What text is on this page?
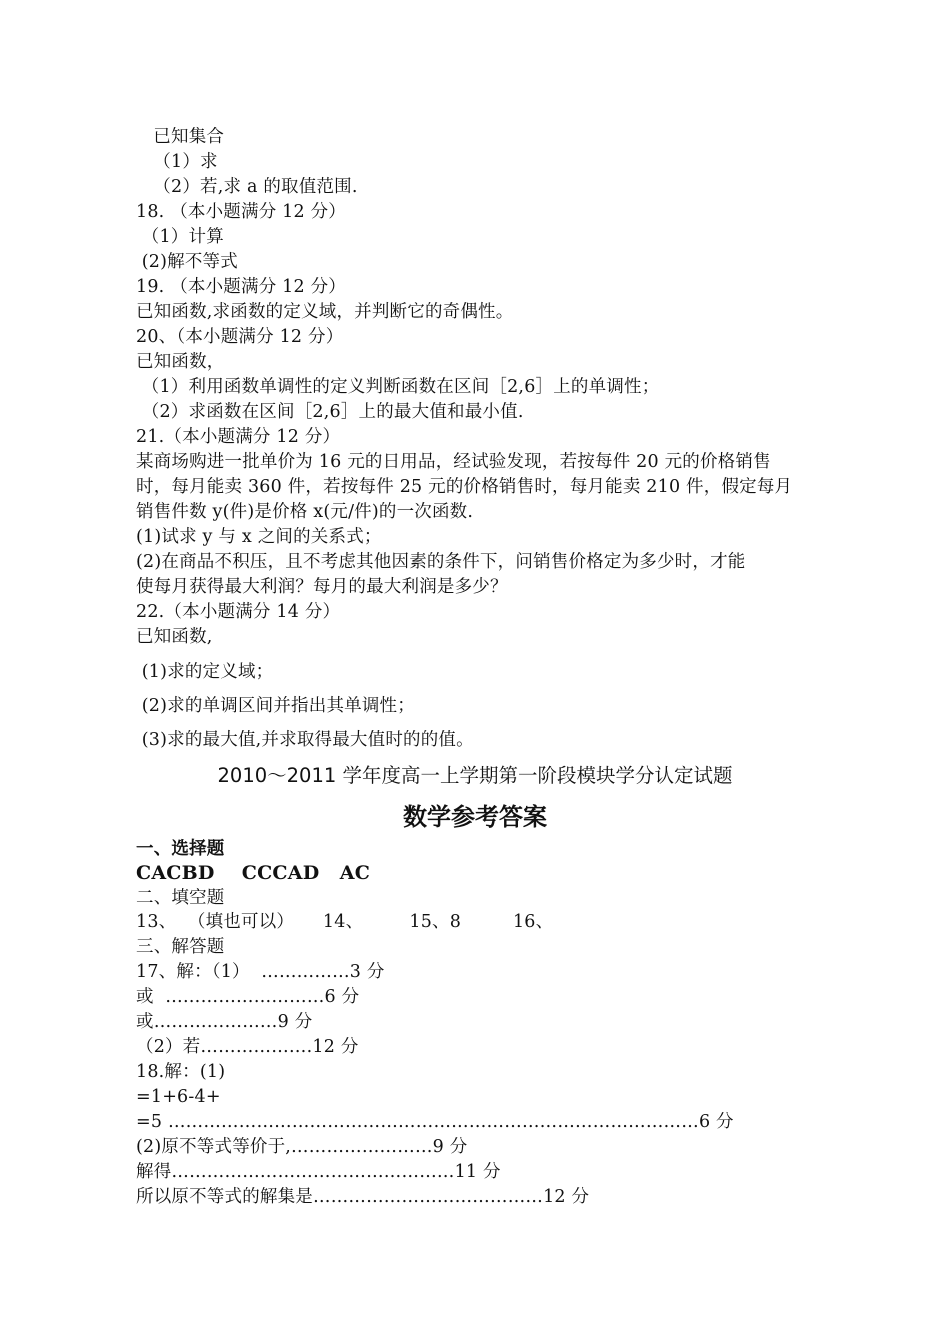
已知集合
（1）求
（2）若,求 a 的取值范围.
18. （本小题满分 12 分）
（1）计算
(2)解不等式
19. （本小题满分 12 分）
已知函数,求函数的定义域，并判断它的奇偶性。
20、（本小题满分 12 分）
已知函数，
（1）利用函数单调性的定义判断函数在区间［2,6］上的单调性；
（2）求函数在区间［2,6］上的最大值和最小值.
21.（本小题满分 12 分）
某商场购进一批单价为 16 元的日用品，经试验发现，若按每件 20 元的价格销售
时，每月能卖 360 件，若按每件 25 元的价格销售时，每月能卖 210 件，假定每月
销售件数 y(件)是价格 x(元/件)的一次函数.
(1)试求 y 与 x 之间的关系式；
(2)在商品不积压，且不考虑其他因素的条件下，问销售价格定为多少时，才能
使每月获得最大利润？每月的最大利润是多少？
22.（本小题满分 14 分）
已知函数,
(1)求的定义域；
(2)求的单调区间并指出其单调性；
(3)求的最大值,并求取得最大值时的的值。
2010～2011 学年度高一上学期第一阶段模块学分认定试题
数学参考答案
一、选择题
CACBD    CCCAD   AC
二、填空题
13、  （填也可以）     14、        15、8         16、
三、解答题
17、解：（1）  ……………3 分
或  ………………………6 分
或…………………9 分
（2）若……………….12 分
18.解：(1)
=1+6-4+
=5 ………………………………………………………………………………6 分
(2)原不等式等价于,……………………9 分
解得…………………………………………11 分
所以原不等式的解集是…………………………………12 分
